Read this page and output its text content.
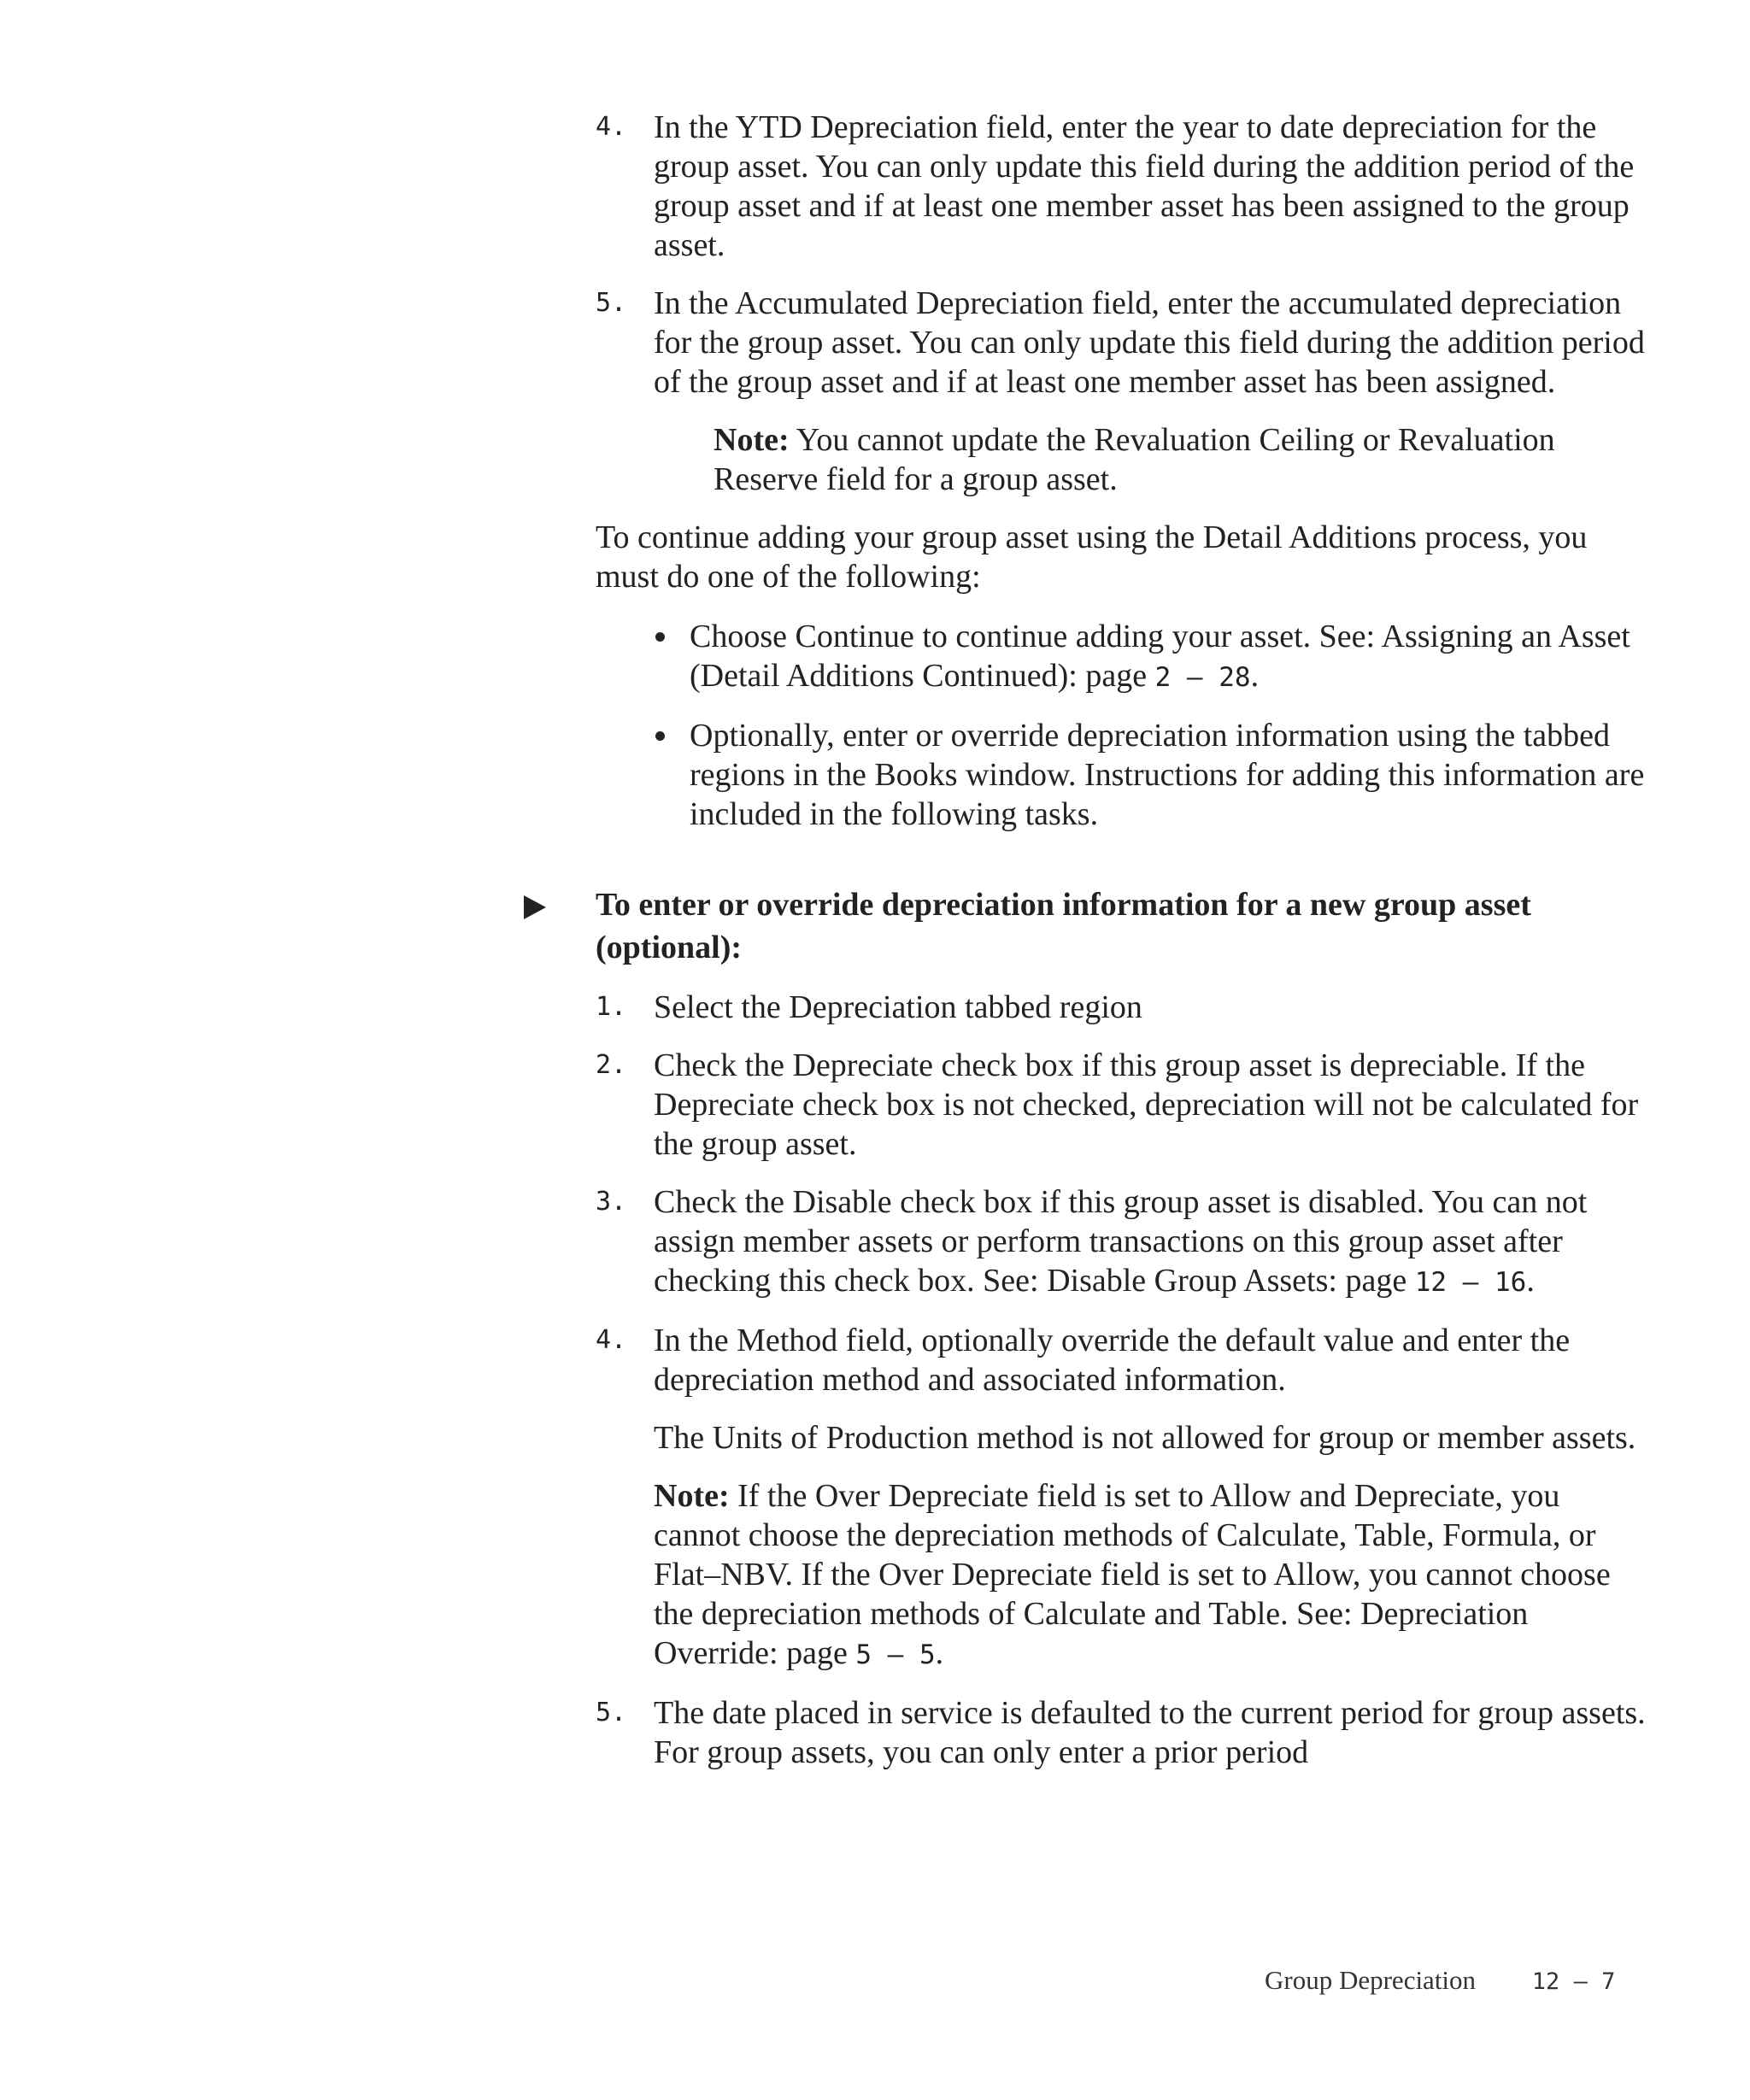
4. In the YTD Depreciation field, enter the year to date depreciation for the group asset. You can only update this field during the addition period of the group asset and if at least one member asset has been assigned to the group asset.
5. In the Accumulated Depreciation field, enter the accumulated depreciation for the group asset. You can only update this field during the addition period of the group asset and if at least one member asset has been assigned.
Note: You cannot update the Revaluation Ceiling or Revaluation Reserve field for a group asset.
To continue adding your group asset using the Detail Additions process, you must do one of the following:
Choose Continue to continue adding your asset. See: Assigning an Asset (Detail Additions Continued): page 2 – 28.
Optionally, enter or override depreciation information using the tabbed regions in the Books window. Instructions for adding this information are included in the following tasks.
To enter or override depreciation information for a new group asset (optional):
1. Select the Depreciation tabbed region
2. Check the Depreciate check box if this group asset is depreciable. If the Depreciate check box is not checked, depreciation will not be calculated for the group asset.
3. Check the Disable check box if this group asset is disabled. You can not assign member assets or perform transactions on this group asset after checking this check box. See: Disable Group Assets: page 12 – 16.
4. In the Method field, optionally override the default value and enter the depreciation method and associated information.
The Units of Production method is not allowed for group or member assets.
Note: If the Over Depreciate field is set to Allow and Depreciate, you cannot choose the depreciation methods of Calculate, Table, Formula, or Flat–NBV. If the Over Depreciate field is set to Allow, you cannot choose the depreciation methods of Calculate and Table. See: Depreciation Override: page 5 – 5.
5. The date placed in service is defaulted to the current period for group assets. For group assets, you can only enter a prior period
Group Depreciation 12 – 7
